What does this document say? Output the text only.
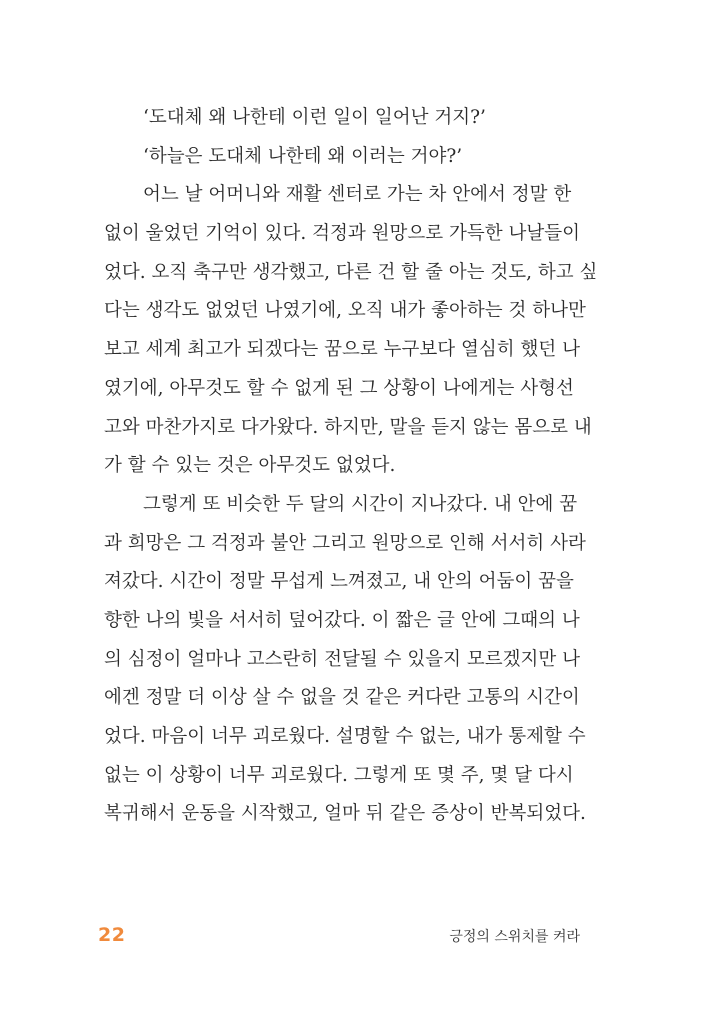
‘도대체 왜 나한테 이런 일이 일어난 거지?’
‘하늘은 도대체 나한테 왜 이러는 거야?’
어느 날 어머니와 재활 센터로 가는 차 안에서 정말 한
없이 울었던 기억이 있다. 걱정과 원망으로 가득한 나날들이
었다. 오직 축구만 생각했고, 다른 건 할 줄 아는 것도, 하고 싶
다는 생각도 없었던 나였기에, 오직 내가 좋아하는 것 하나만
보고 세계 최고가 되겠다는 꿈으로 누구보다 열심히 했던 나
였기에, 아무것도 할 수 없게 된 그 상황이 나에게는 사형선
고와 마찬가지로 다가왔다. 하지만, 말을 듣지 않는 몸으로 내
가 할 수 있는 것은 아무것도 없었다.
그렇게 또 비슷한 두 달의 시간이 지나갔다. 내 안에 꿈
과 희망은 그 걱정과 불안 그리고 원망으로 인해 서서히 사라
져갔다. 시간이 정말 무섭게 느껴졌고, 내 안의 어둠이 꿈을
향한 나의 빛을 서서히 덮어갔다. 이 짧은 글 안에 그때의 나
의 심정이 얼마나 고스란히 전달될 수 있을지 모르겠지만 나
에겐 정말 더 이상 살 수 없을 것 같은 커다란 고통의 시간이
었다. 마음이 너무 괴로웠다. 설명할 수 없는, 내가 통제할 수
없는 이 상황이 너무 괴로웠다. 그렇게 또 몇 주, 몇 달 다시
복귀해서 운동을 시작했고, 얼마 뒤 같은 증상이 반복되었다.
22	긍정의 스위치를 켜라
